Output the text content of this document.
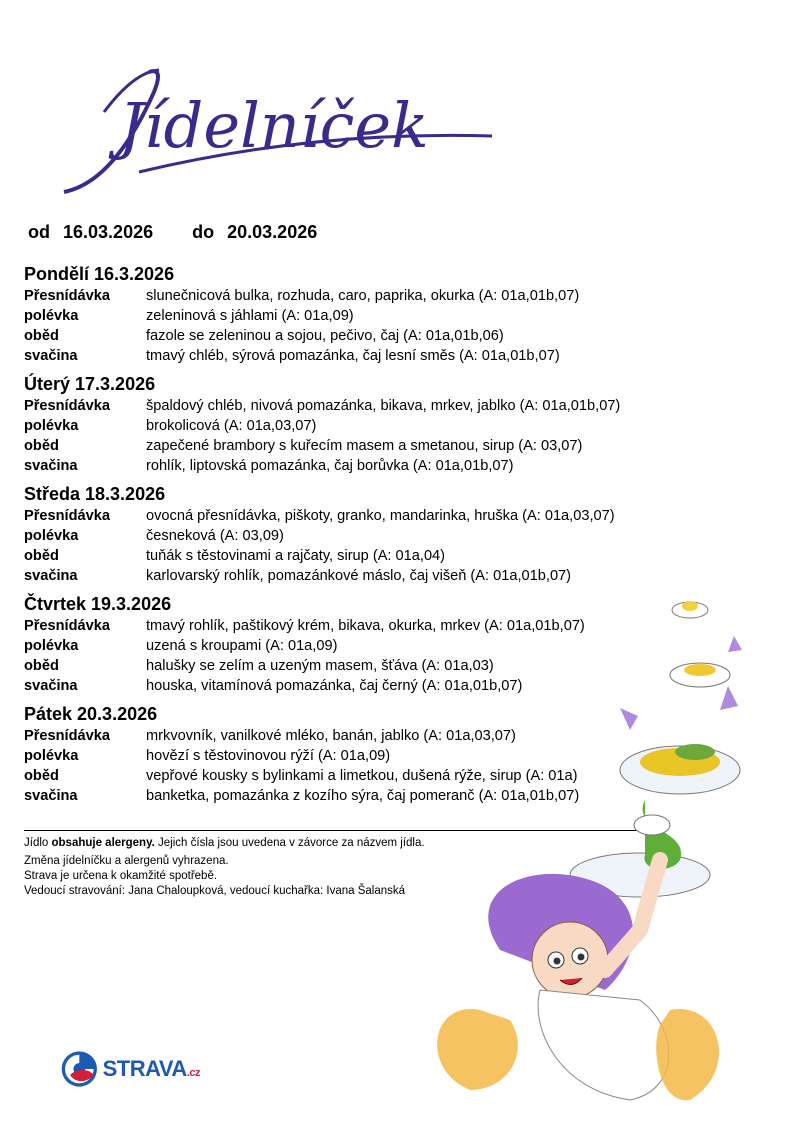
Jídelníček
od 16.03.2026 do 20.03.2026
Pondělí 16.3.2026
Přesnídávka	slunečnicová bulka, rozhuda, caro, paprika, okurka (A: 01a,01b,07)
polévka	zeleninová s jáhlami (A: 01a,09)
oběd	fazole se zeleninou a sojou, pečivo, čaj (A: 01a,01b,06)
svačina	tmavý chléb, sýrová pomazánka, čaj lesní směs (A: 01a,01b,07)
Úterý 17.3.2026
Přesnídávka	špaldový chléb, nivová pomazánka, bikava, mrkev, jablko (A: 01a,01b,07)
polévka	brokolicová (A: 01a,03,07)
oběd	zapečené brambory s kuřecím masem a smetanou, sirup (A: 03,07)
svačina	rohlík, liptovská pomazánka, čaj borůvka (A: 01a,01b,07)
Středa 18.3.2026
Přesnídávka	ovocná přesnídávka, piškoty, granko, mandarinka, hruška (A: 01a,03,07)
polévka	česneková (A: 03,09)
oběd	tuňák s těstovinami a rajčaty, sirup (A: 01a,04)
svačina	karlovarský rohlík, pomazánkové máslo, čaj višeň (A: 01a,01b,07)
Čtvrtek 19.3.2026
Přesnídávka	tmavý rohlík, paštikový krém, bikava, okurka, mrkev (A: 01a,01b,07)
polévka	uzená s kroupami (A: 01a,09)
oběd	halušky se zelím a uzeným masem, šťáva (A: 01a,03)
svačina	houska, vitamínová pomazánka, čaj černý (A: 01a,01b,07)
Pátek 20.3.2026
Přesnídávka	mrkvovník, vanilkové mléko, banán, jablko (A: 01a,03,07)
polévka	hovězí s těstovinovou rýží (A: 01a,09)
oběd	vepřové kousky s bylinkami a limetkou, dušená rýže, sirup (A: 01a)
svačina	banketka, pomazánka z kozího sýra, čaj pomeranč (A: 01a,01b,07)
Jídlo obsahuje alergeny. Jejich čísla jsou uvedena v závorce za názvem jídla.
Změna jídelníčku a alergenů vyhrazena.
Strava je určena k okamžité spotřebě.
Vedoucí stravování: Jana Chaloupková, vedoucí kuchařka: Ivana Šalanská
STRAVA.cz
